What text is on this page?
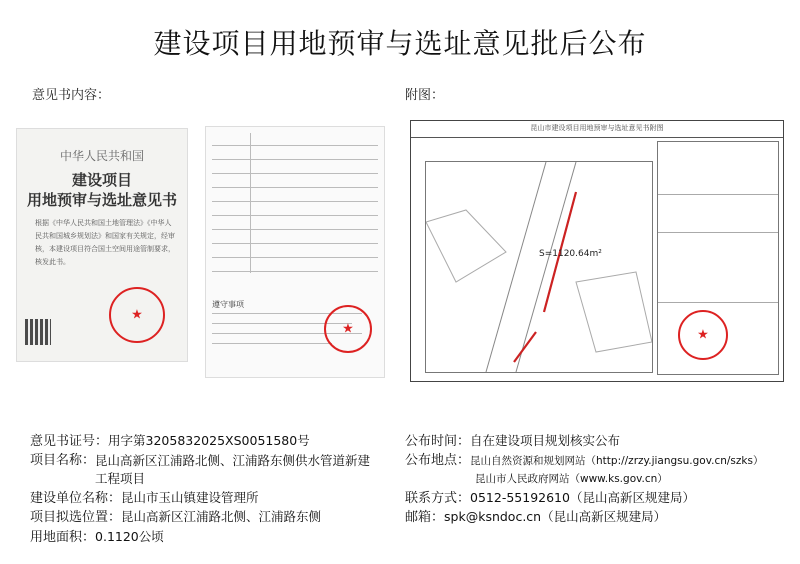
建设项目用地预审与选址意见批后公布
意见书内容：	附图：
中华人民共和国
建设项目
用地预审与选址意见书
根据《中华人民共和国土地管理法》《中华人民共和国城乡规划法》和国家有关规定，经审核，本建设项目符合国土空间用途管制要求，核发此书。
★
遵守事项
★
昆山市建设项目用地预审与选址意见书附图
S=1120.64m²
★
意见书证号：用字第3205832025XS0051580号
项目名称： 昆山高新区江浦路北侧、江浦路东侧供水管道新建工程项目
建设单位名称：昆山市玉山镇建设管理所
项目拟选位置：昆山高新区江浦路北侧、江浦路东侧
用地面积：0.1120公顷
公布时间：自在建设项目规划核实公布
公布地点： 昆山自然资源和规划网站（http://zrzy.jiangsu.gov.cn/szks）
昆山市人民政府网站（www.ks.gov.cn）
联系方式：0512-55192610（昆山高新区规建局）
邮箱：spk@ksndoc.cn（昆山高新区规建局）
